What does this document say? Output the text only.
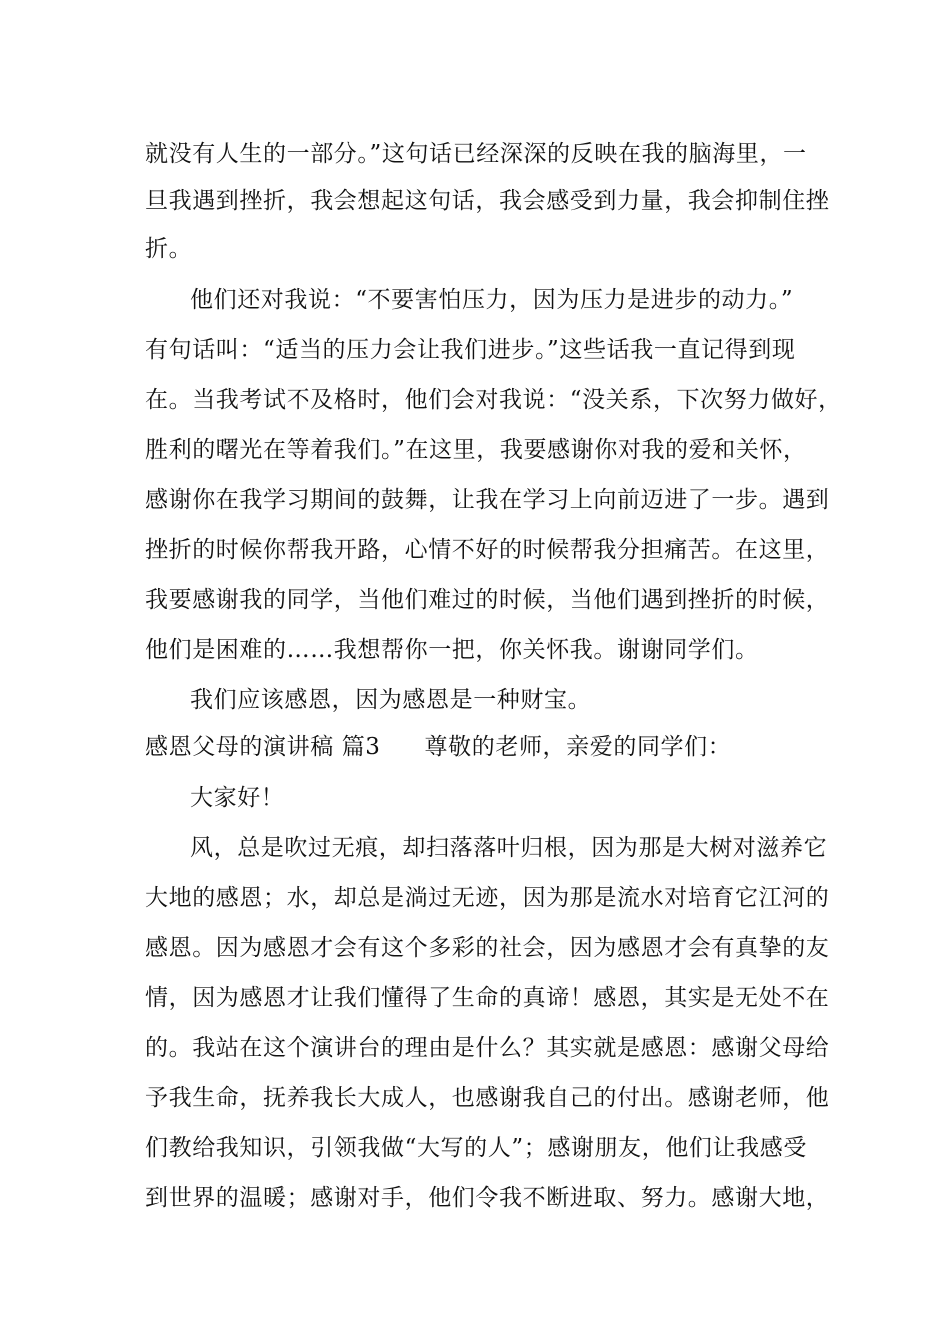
就没有人生的一部分。”这句话已经深深的反映在我的脑海里，一
旦我遇到挫折，我会想起这句话，我会感受到力量，我会抑制住挫
折。
他们还对我说：“不要害怕压力，因为压力是进步的动力。”
有句话叫：“适当的压力会让我们进步。”这些话我一直记得到现
在。当我考试不及格时，他们会对我说：“没关系，下次努力做好，
胜利的曙光在等着我们。”在这里，我要感谢你对我的爱和关怀，
感谢你在我学习期间的鼓舞，让我在学习上向前迈进了一步。遇到
挫折的时候你帮我开路，心情不好的时候帮我分担痛苦。在这里，
我要感谢我的同学，当他们难过的时候，当他们遇到挫折的时候，
他们是困难的……我想帮你一把，你关怀我。谢谢同学们。
我们应该感恩，因为感恩是一种财宝。
感恩父母的演讲稿 篇3 尊敬的老师，亲爱的同学们：
大家好！
风，总是吹过无痕，却扫落落叶归根，因为那是大树对滋养它
大地的感恩；水，却总是淌过无迹，因为那是流水对培育它江河的
感恩。因为感恩才会有这个多彩的社会，因为感恩才会有真挚的友
情，因为感恩才让我们懂得了生命的真谛！感恩，其实是无处不在
的。我站在这个演讲台的理由是什么？其实就是感恩：感谢父母给
予我生命，抚养我长大成人，也感谢我自己的付出。感谢老师，他
们教给我知识，引领我做“大写的人”；感谢朋友，他们让我感受
到世界的温暖；感谢对手，他们令我不断进取、努力。感谢大地，
